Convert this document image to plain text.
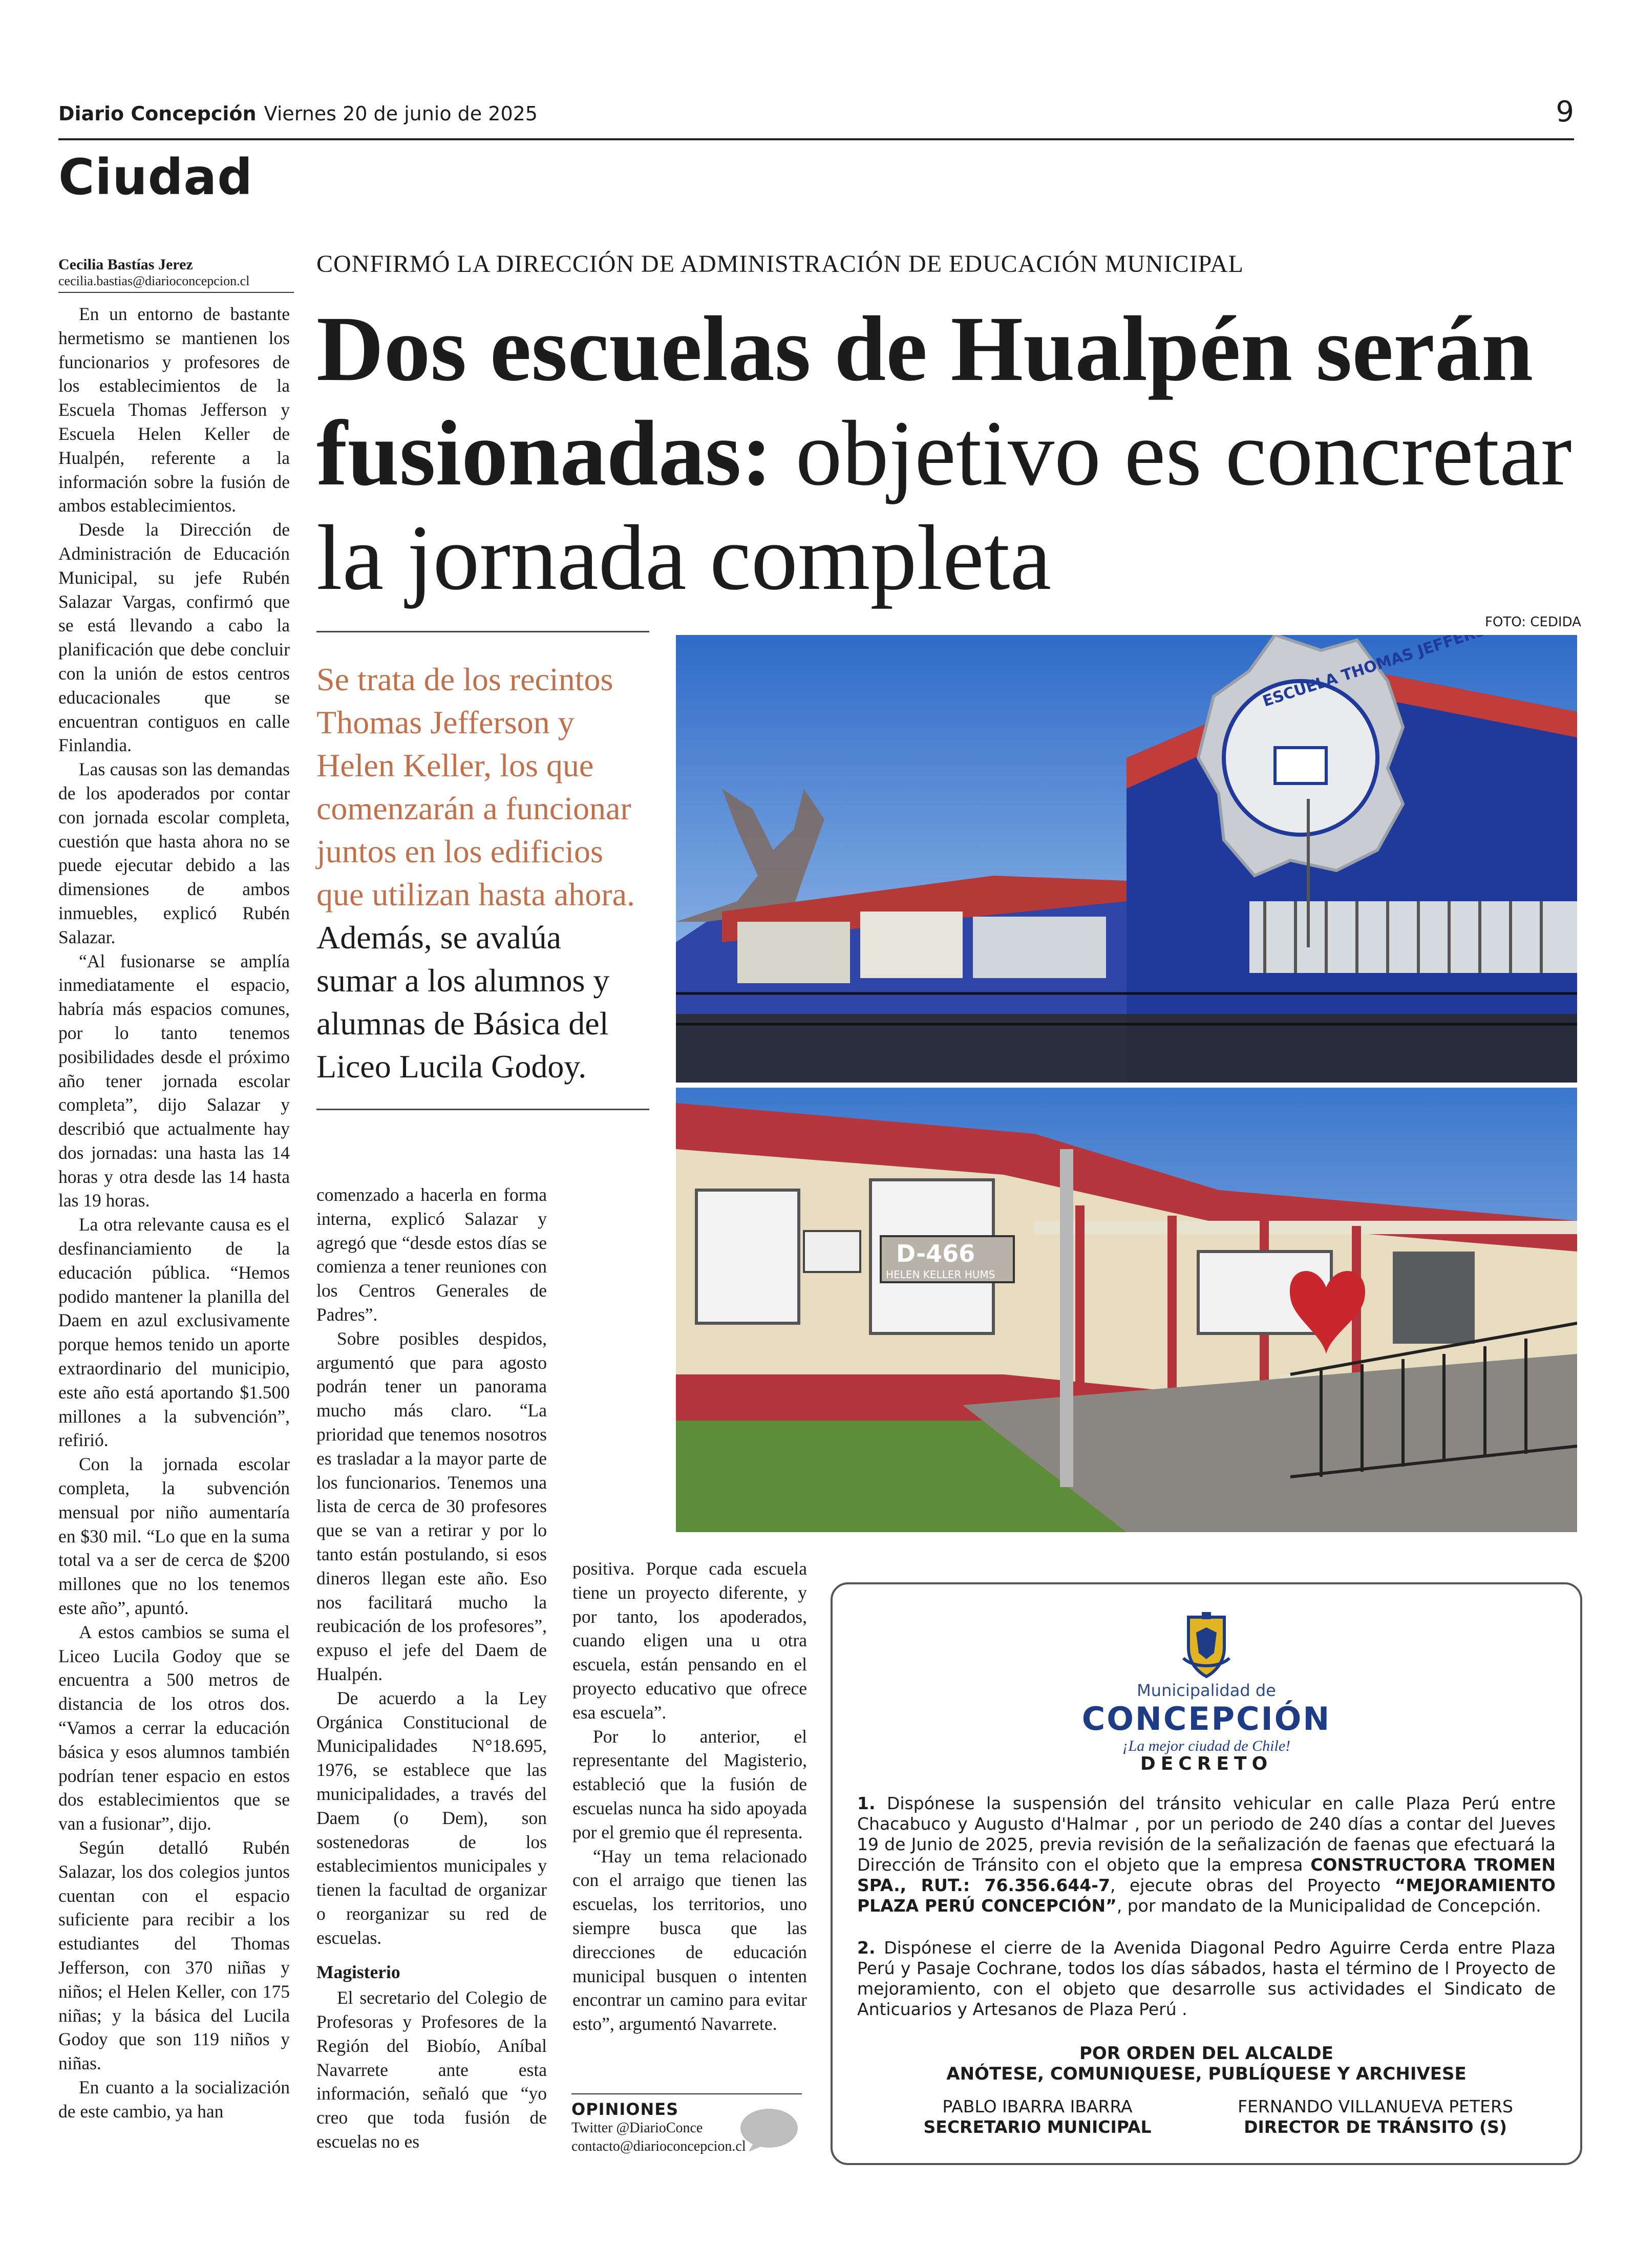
Diario Concepción Viernes 20 de junio de 2025	9
Ciudad
Cecilia Bastías Jerez
cecilia.bastias@diarioconcepcion.cl

En un entorno de bastante hermetismo se mantienen los funcionarios y profesores de los establecimientos de la Escuela Thomas Jefferson y Escuela Helen Keller de Hualpén, referente a la información sobre la fusión de ambos establecimientos.

Desde la Dirección de Administración de Educación Municipal, su jefe Rubén Salazar Vargas, confirmó que se está llevando a cabo la planificación que debe concluir con la unión de estos centros educacionales que se encuentran contiguos en calle Finlandia.

Las causas son las demandas de los apoderados por contar con jornada escolar completa, cuestión que hasta ahora no se puede ejecutar debido a las dimensiones de ambos inmuebles, explicó Rubén Salazar.

“Al fusionarse se amplía inmediatamente el espacio, habría más espacios comunes, por lo tanto tenemos posibilidades desde el próximo año tener jornada escolar completa”, dijo Salazar y describió que actualmente hay dos jornadas: una hasta las 14 horas y otra desde las 14 hasta las 19 horas.

La otra relevante causa es el desfinanciamiento de la educación pública. “Hemos podido mantener la planilla del Daem en azul exclusivamente porque hemos tenido un aporte extraordinario del municipio, este año está aportando $1.500 millones a la subvención”, refirió.

Con la jornada escolar completa, la subvención mensual por niño aumentaría en $30 mil. “Lo que en la suma total va a ser de cerca de $200 millones que no los tenemos este año”, apuntó.

A estos cambios se suma el Liceo Lucila Godoy que se encuentra a 500 metros de distancia de los otros dos. “Vamos a cerrar la educación básica y esos alumnos también podrían tener espacio en estos dos establecimientos que se van a fusionar”, dijo.

Según detalló Rubén Salazar, los dos colegios juntos cuentan con el espacio suficiente para recibir a los estudiantes del Thomas Jefferson, con 370 niñas y niños; el Helen Keller, con 175 niñas; y la básica del Lucila Godoy que son 119 niños y niñas.

En cuanto a la socialización de este cambio, ya han

CONFIRMÓ LA DIRECCIÓN DE ADMINISTRACIÓN DE EDUCACIÓN MUNICIPAL
Dos escuelas de Hualpén serán fusionadas: objetivo es concretar la jornada completa
FOTO: CEDIDA
Se trata de los recintos Thomas Jefferson y Helen Keller, los que comenzarán a funcionar juntos en los edificios que utilizan hasta ahora. Además, se avalúa sumar a los alumnos y alumnas de Básica del Liceo Lucila Godoy.
D-466
HELEN KELLER HUMS

comenzado a hacerla en forma interna, explicó Salazar y agregó que “desde estos días se comienza a tener reuniones con los Centros Generales de Padres”.

Sobre posibles despidos, argumentó que para agosto podrán tener un panorama mucho más claro. “La prioridad que tenemos nosotros es trasladar a la mayor parte de los funcionarios. Tenemos una lista de cerca de 30 profesores que se van a retirar y por lo tanto están postulando, si esos dineros llegan este año. Eso nos facilitará mucho la reubicación de los profesores”, expuso el jefe del Daem de Hualpén.

De acuerdo a la Ley Orgánica Constitucional de Municipalidades N°18.695, 1976, se establece que las municipalidades, a través del Daem (o Dem), son sostenedoras de los establecimientos municipales y tienen la facultad de organizar o reorganizar su red de escuelas.

Magisterio

El secretario del Colegio de Profesoras y Profesores de la Región del Biobío, Aníbal Navarrete ante esta información, señaló que “yo creo que toda fusión de escuelas no es

positiva. Porque cada escuela tiene un proyecto diferente, y por tanto, los apoderados, cuando eligen una u otra escuela, están pensando en el proyecto educativo que ofrece esa escuela”.

Por lo anterior, el representante del Magisterio, estableció que la fusión de escuelas nunca ha sido apoyada por el gremio que él representa.

“Hay un tema relacionado con el arraigo que tienen las escuelas, los territorios, uno siempre busca que las direcciones de educación municipal busquen o intenten encontrar un camino para evitar esto”, argumentó Navarrete.

OPINIONES
Twitter @DiarioConce
contacto@diarioconcepcion.cl
Municipalidad de
CONCEPCIÓN
¡La mejor ciudad de Chile!
DECRETO
1. Dispónese la suspensión del tránsito vehicular en calle Plaza Perú entre Chacabuco y Augusto d'Halmar , por un periodo de 240 días a contar del Jueves 19 de Junio de 2025, previa revisión de la señalización de faenas que efectuará la Dirección de Tránsito con el objeto que la empresa CONSTRUCTORA TROMEN SPA., RUT.: 76.356.644-7, ejecute obras del Proyecto “MEJORAMIENTO PLAZA PERÚ CONCEPCIÓN”, por mandato de la Municipalidad de Concepción.
2. Dispónese el cierre de la Avenida Diagonal Pedro Aguirre Cerda entre Plaza Perú y Pasaje Cochrane, todos los días sábados, hasta el término de l Proyecto de mejoramiento, con el objeto que desarrolle sus actividades el Sindicato de Anticuarios y Artesanos de Plaza Perú .
POR ORDEN DEL ALCALDE
ANÓTESE, COMUNIQUESE, PUBLÍQUESE Y ARCHIVESE
PABLO IBARRA IBARRA
SECRETARIO MUNICIPAL
FERNANDO VILLANUEVA PETERS
DIRECTOR DE TRÁNSITO (S)
